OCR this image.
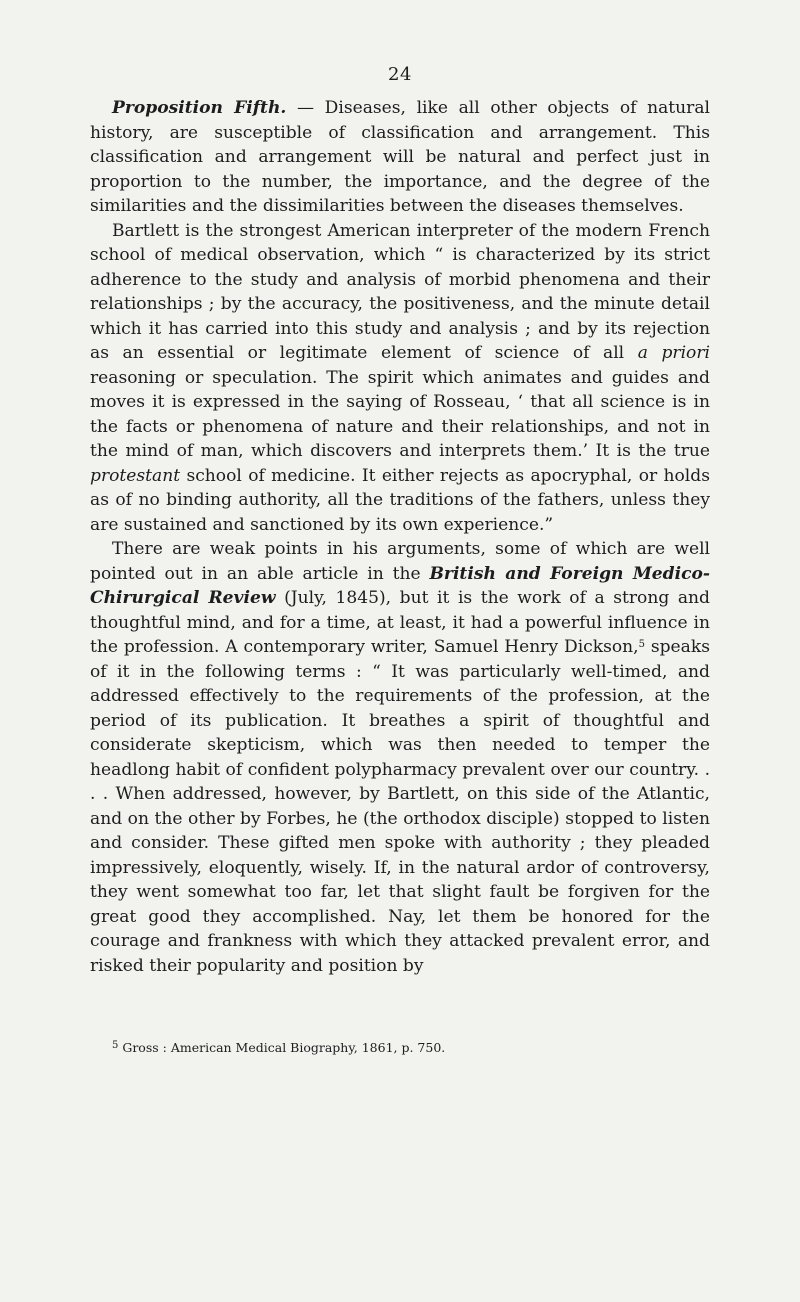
24

Proposition Fifth. — Diseases, like all other objects of natural history, are susceptible of classification and arrangement. This classification and arrangement will be natural and perfect just in proportion to the number, the importance, and the degree of the similarities and the dissimilarities between the diseases themselves.

Bartlett is the strongest American interpreter of the modern French school of medical observation, which “ is characterized by its strict adherence to the study and analysis of morbid phenomena and their relationships ; by the accuracy, the positiveness, and the minute detail which it has carried into this study and analysis ; and by its rejection as an essential or legitimate element of science of all a priori reasoning or speculation. The spirit which animates and guides and moves it is expressed in the saying of Rosseau, ‘ that all science is in the facts or phenomena of nature and their relationships, and not in the mind of man, which discovers and interprets them.’ It is the true protestant school of medicine. It either rejects as apocryphal, or holds as of no binding authority, all the traditions of the fathers, unless they are sustained and sanctioned by its own experience.”

There are weak points in his arguments, some of which are well pointed out in an able article in the British and Foreign Medico-Chirurgical Review (July, 1845), but it is the work of a strong and thoughtful mind, and for a time, at least, it had a powerful influence in the profession. A contemporary writer, Samuel Henry Dickson,$^5$ speaks of it in the following terms : “ It was particularly well-timed, and addressed effectively to the requirements of the profession, at the period of its publication. It breathes a spirit of thoughtful and considerate skepticism, which was then needed to temper the headlong habit of confident polypharmacy prevalent over our country. . . . When addressed, however, by Bartlett, on this side of the Atlantic, and on the other by Forbes, he (the orthodox disciple) stopped to listen and consider. These gifted men spoke with authority ; they pleaded impressively, eloquently, wisely. If, in the natural ardor of controversy, they went somewhat too far, let that slight fault be forgiven for the great good they accomplished. Nay, let them be honored for the courage and frankness with which they attacked prevalent error, and risked their popularity and position by

$^5$ Gross : American Medical Biography, 1861, p. 750.
